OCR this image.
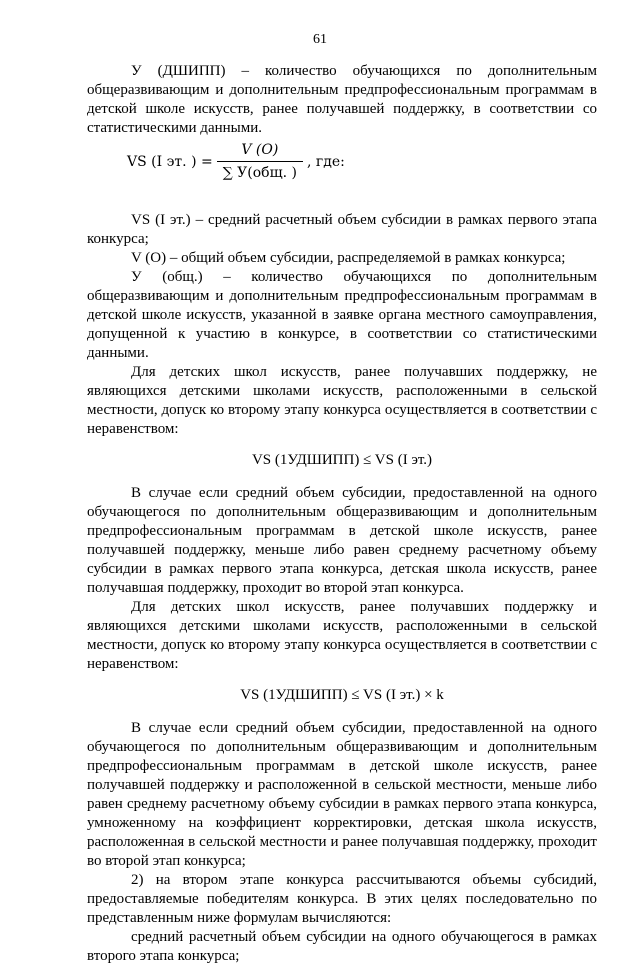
61

У (ДШИПП) – количество обучающихся по дополнительным общеразвивающим и дополнительным предпрофессиональным программам в детской школе искусств, ранее получавшей поддержку, в соответствии со статистическими данными.

VS (I эт. ) = $\frac{V (O)}{\text{∑ У(общ. )}}$ , где:

VS (I эт.) – средний расчетный объем субсидии в рамках первого этапа конкурса;

V (O) – общий объем субсидии, распределяемой в рамках конкурса;

У (общ.) – количество обучающихся по дополнительным общеразвивающим и дополнительным предпрофессиональным программам в детской школе искусств, указанной в заявке органа местного самоуправления, допущенной к участию в конкурсе, в соответствии со статистическими данными.

Для детских школ искусств, ранее получавших поддержку, не являющихся детскими школами искусств, расположенными в сельской местности, допуск ко второму этапу конкурса осуществляется в соответствии с неравенством:

VS (1УДШИПП) ≤ VS (I эт.)

В случае если средний объем субсидии, предоставленной на одного обучающегося по дополнительным общеразвивающим и дополнительным предпрофессиональным программам в детской школе искусств, ранее получавшей поддержку, меньше либо равен среднему расчетному объему субсидии в рамках первого этапа конкурса, детская школа искусств, ранее получавшая поддержку, проходит во второй этап конкурса.

Для детских школ искусств, ранее получавших поддержку и являющихся детскими школами искусств, расположенными в сельской местности, допуск ко второму этапу конкурса осуществляется в соответствии с неравенством:

VS (1УДШИПП) ≤ VS (I эт.) × k

В случае если средний объем субсидии, предоставленной на одного обучающегося по дополнительным общеразвивающим и дополнительным предпрофессиональным программам в детской школе искусств, ранее получавшей поддержку и расположенной в сельской местности, меньше либо равен среднему расчетному объему субсидии в рамках первого этапа конкурса, умноженному на коэффициент корректировки, детская школа искусств, расположенная в сельской местности и ранее получавшая поддержку, проходит во второй этап конкурса;

2) на втором этапе конкурса рассчитываются объемы субсидий, предоставляемые победителям конкурса. В этих целях последовательно по представленным ниже формулам вычисляются:

средний расчетный объем субсидии на одного обучающегося в рамках второго этапа конкурса;
